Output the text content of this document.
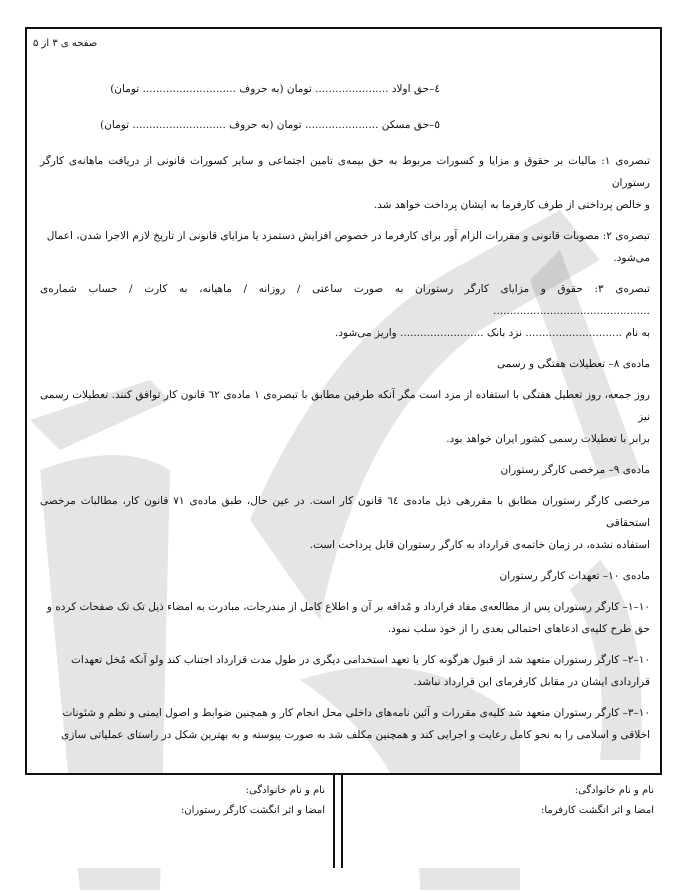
صفحه ی ۳ از ۵

٤–حق اولاد ...................... تومان (به حروف ............................ تومان)

٥–حق مسکن ...................... تومان (به حروف ............................ تومان)

تبصره‌ی ۱: مالیات بر حقوق و مزایا و کسورات مربوط به حق بیمه‌ی تامین اجتماعی و سایر کسورات قانونی از دریافت ماهانه‌ی کارگر رستوران

و خالص پرداختی از طرف کارفرما به ایشان پرداخت خواهد شد.

تبصره‌ی ۲: مصوبات قانونی و مقررات الزام آور برای کارفرما در خصوص افزایش دستمزد یا مزایای قانونی از تاریخ لازم الاجرا شدن، اعمال

می‌شود.

تبصره‌ی ۳: حقوق و مزایای کارگر رستوران به صورت ساعتی / روزانه / ماهیانه، به کارت / حساب شماره‌ی ...............................................

به نام ............................. نزد بانک ......................... واریز می‌شود.

ماده‌ی ۸– تعطیلات هفتگی و رسمی

روز جمعه، روز تعطیل هفتگی با استفاده از مزد است مگر آنکه طرفین مطابق با تبصره‌ی ۱ ماده‌ی ٦۲ قانون کار توافق کنند. تعطیلات رسمی نیز

برابر با تعطیلات رسمی کشور ایران خواهد بود.

ماده‌ی ۹– مرخصی کارگر رستوران

مرخصی کارگر رستوران مطابق با مقررهی ذیل ماده‌ی ٦٤ قانون کار است. در عین حال، طبق ماده‌ی ۷۱ قانون کار، مطالبات مرخصی استحقاقی

استفاده نشده، در زمان خاتمه‌ی قرارداد به کارگر رستوران قابل پرداخت است.

ماده‌ی ۱۰– تعهدات کارگر رستوران

۱۰–۱– کارگر رستوران پس از مطالعه‌ی مفاد قرارداد و مُداقه بر آن و اطلاع کامل از مندرجات، مبادرت به امضاء ذیل تک تک صفحات کرده و

حق طرح کلیه‌ی ادعاهای احتمالی بعدی را از خود سلب نمود.

۱۰–۲– کارگر رستوران متعهد شد از قبول هرگونه کار یا تعهد استخدامی دیگری در طول مدت قرارداد اجتناب کند ولو آنکه مُخل تعهدات

قراردادی ایشان در مقابل کارفرمای این قرارداد نباشد.

۱۰–۳– کارگر رستوران متعهد شد کلیه‌ی مقررات و آئین نامه‌های داخلی محل انجام کار و همچنین ضوابط و اصول ایمنی و نظم و شئونات

اخلاقی و اسلامی را به نحو کامل رعایت و اجرایی کند و همچنین مکلف شد به صورت پیوسته و به بهترین شکل در راستای عملیاتی سازی

نام و نام خانوادگی:
امضا و اثر انگشت کارگر رستوران:
نام و نام خانوادگی:
امضا و اثر انگشت کارفرما:
